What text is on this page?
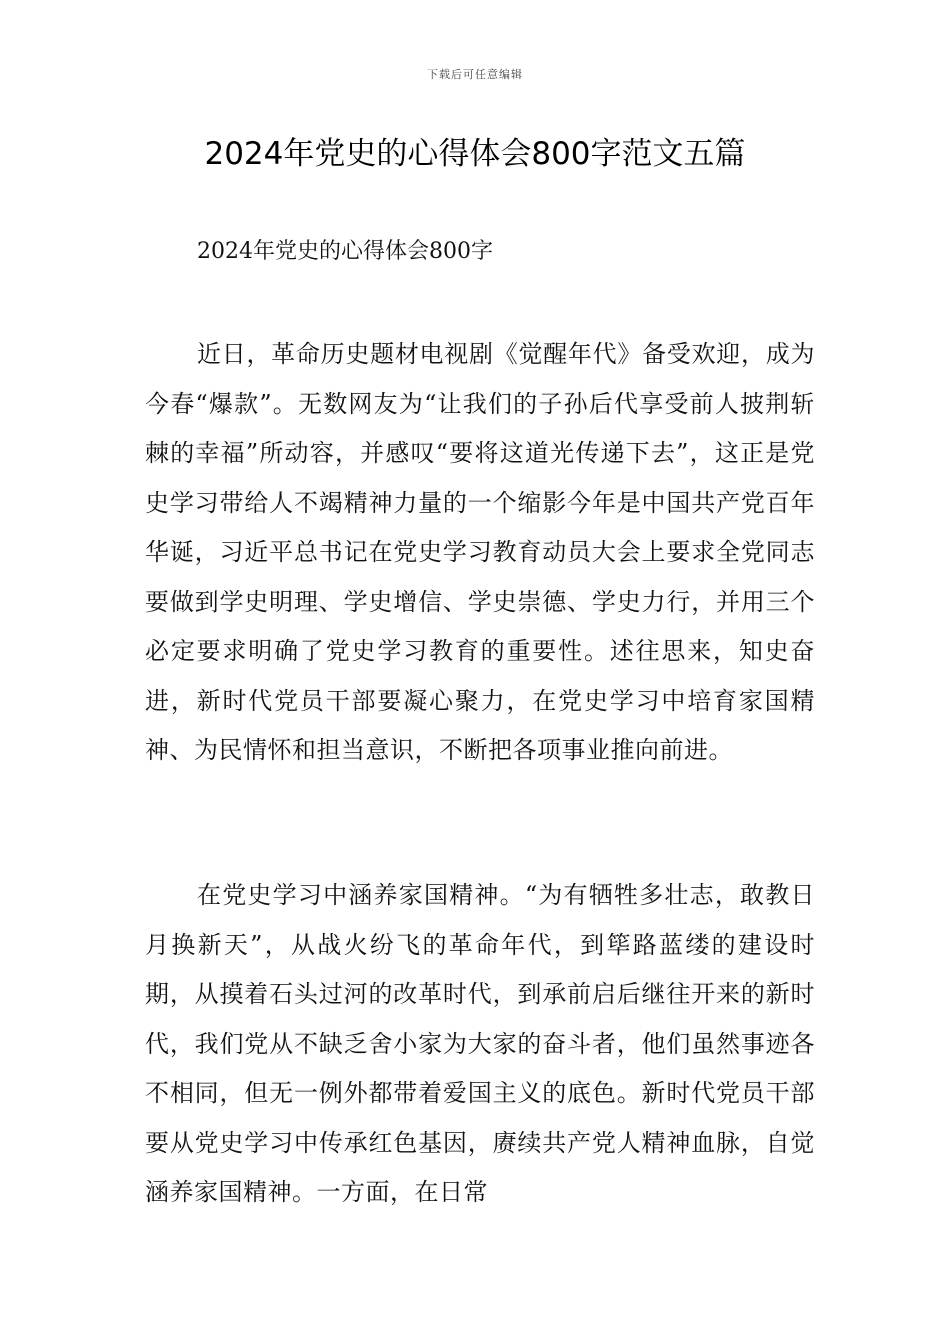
下载后可任意编辑
2024年党史的心得体会800字范文五篇
2024年党史的心得体会800字

近日，革命历史题材电视剧《觉醒年代》备受欢迎，成为今春“爆款”。无数网友为“让我们的子孙后代享受前人披荆斩棘的幸福”所动容，并感叹“要将这道光传递下去”，这正是党史学习带给人不竭精神力量的一个缩影今年是中国共产党百年华诞，习近平总书记在党史学习教育动员大会上要求全党同志要做到学史明理、学史增信、学史崇德、学史力行，并用三个必定要求明确了党史学习教育的重要性。述往思来，知史奋进，新时代党员干部要凝心聚力，在党史学习中培育家国精神、为民情怀和担当意识，不断把各项事业推向前进。

在党史学习中涵养家国精神。“为有牺牲多壮志，敢教日月换新天”，从战火纷飞的革命年代，到筚路蓝缕的建设时期，从摸着石头过河的改革时代，到承前启后继往开来的新时代，我们党从不缺乏舍小家为大家的奋斗者，他们虽然事迹各不相同，但无一例外都带着爱国主义的底色。新时代党员干部要从党史学习中传承红色基因，赓续共产党人精神血脉，自觉涵养家国精神。一方面，在日常
